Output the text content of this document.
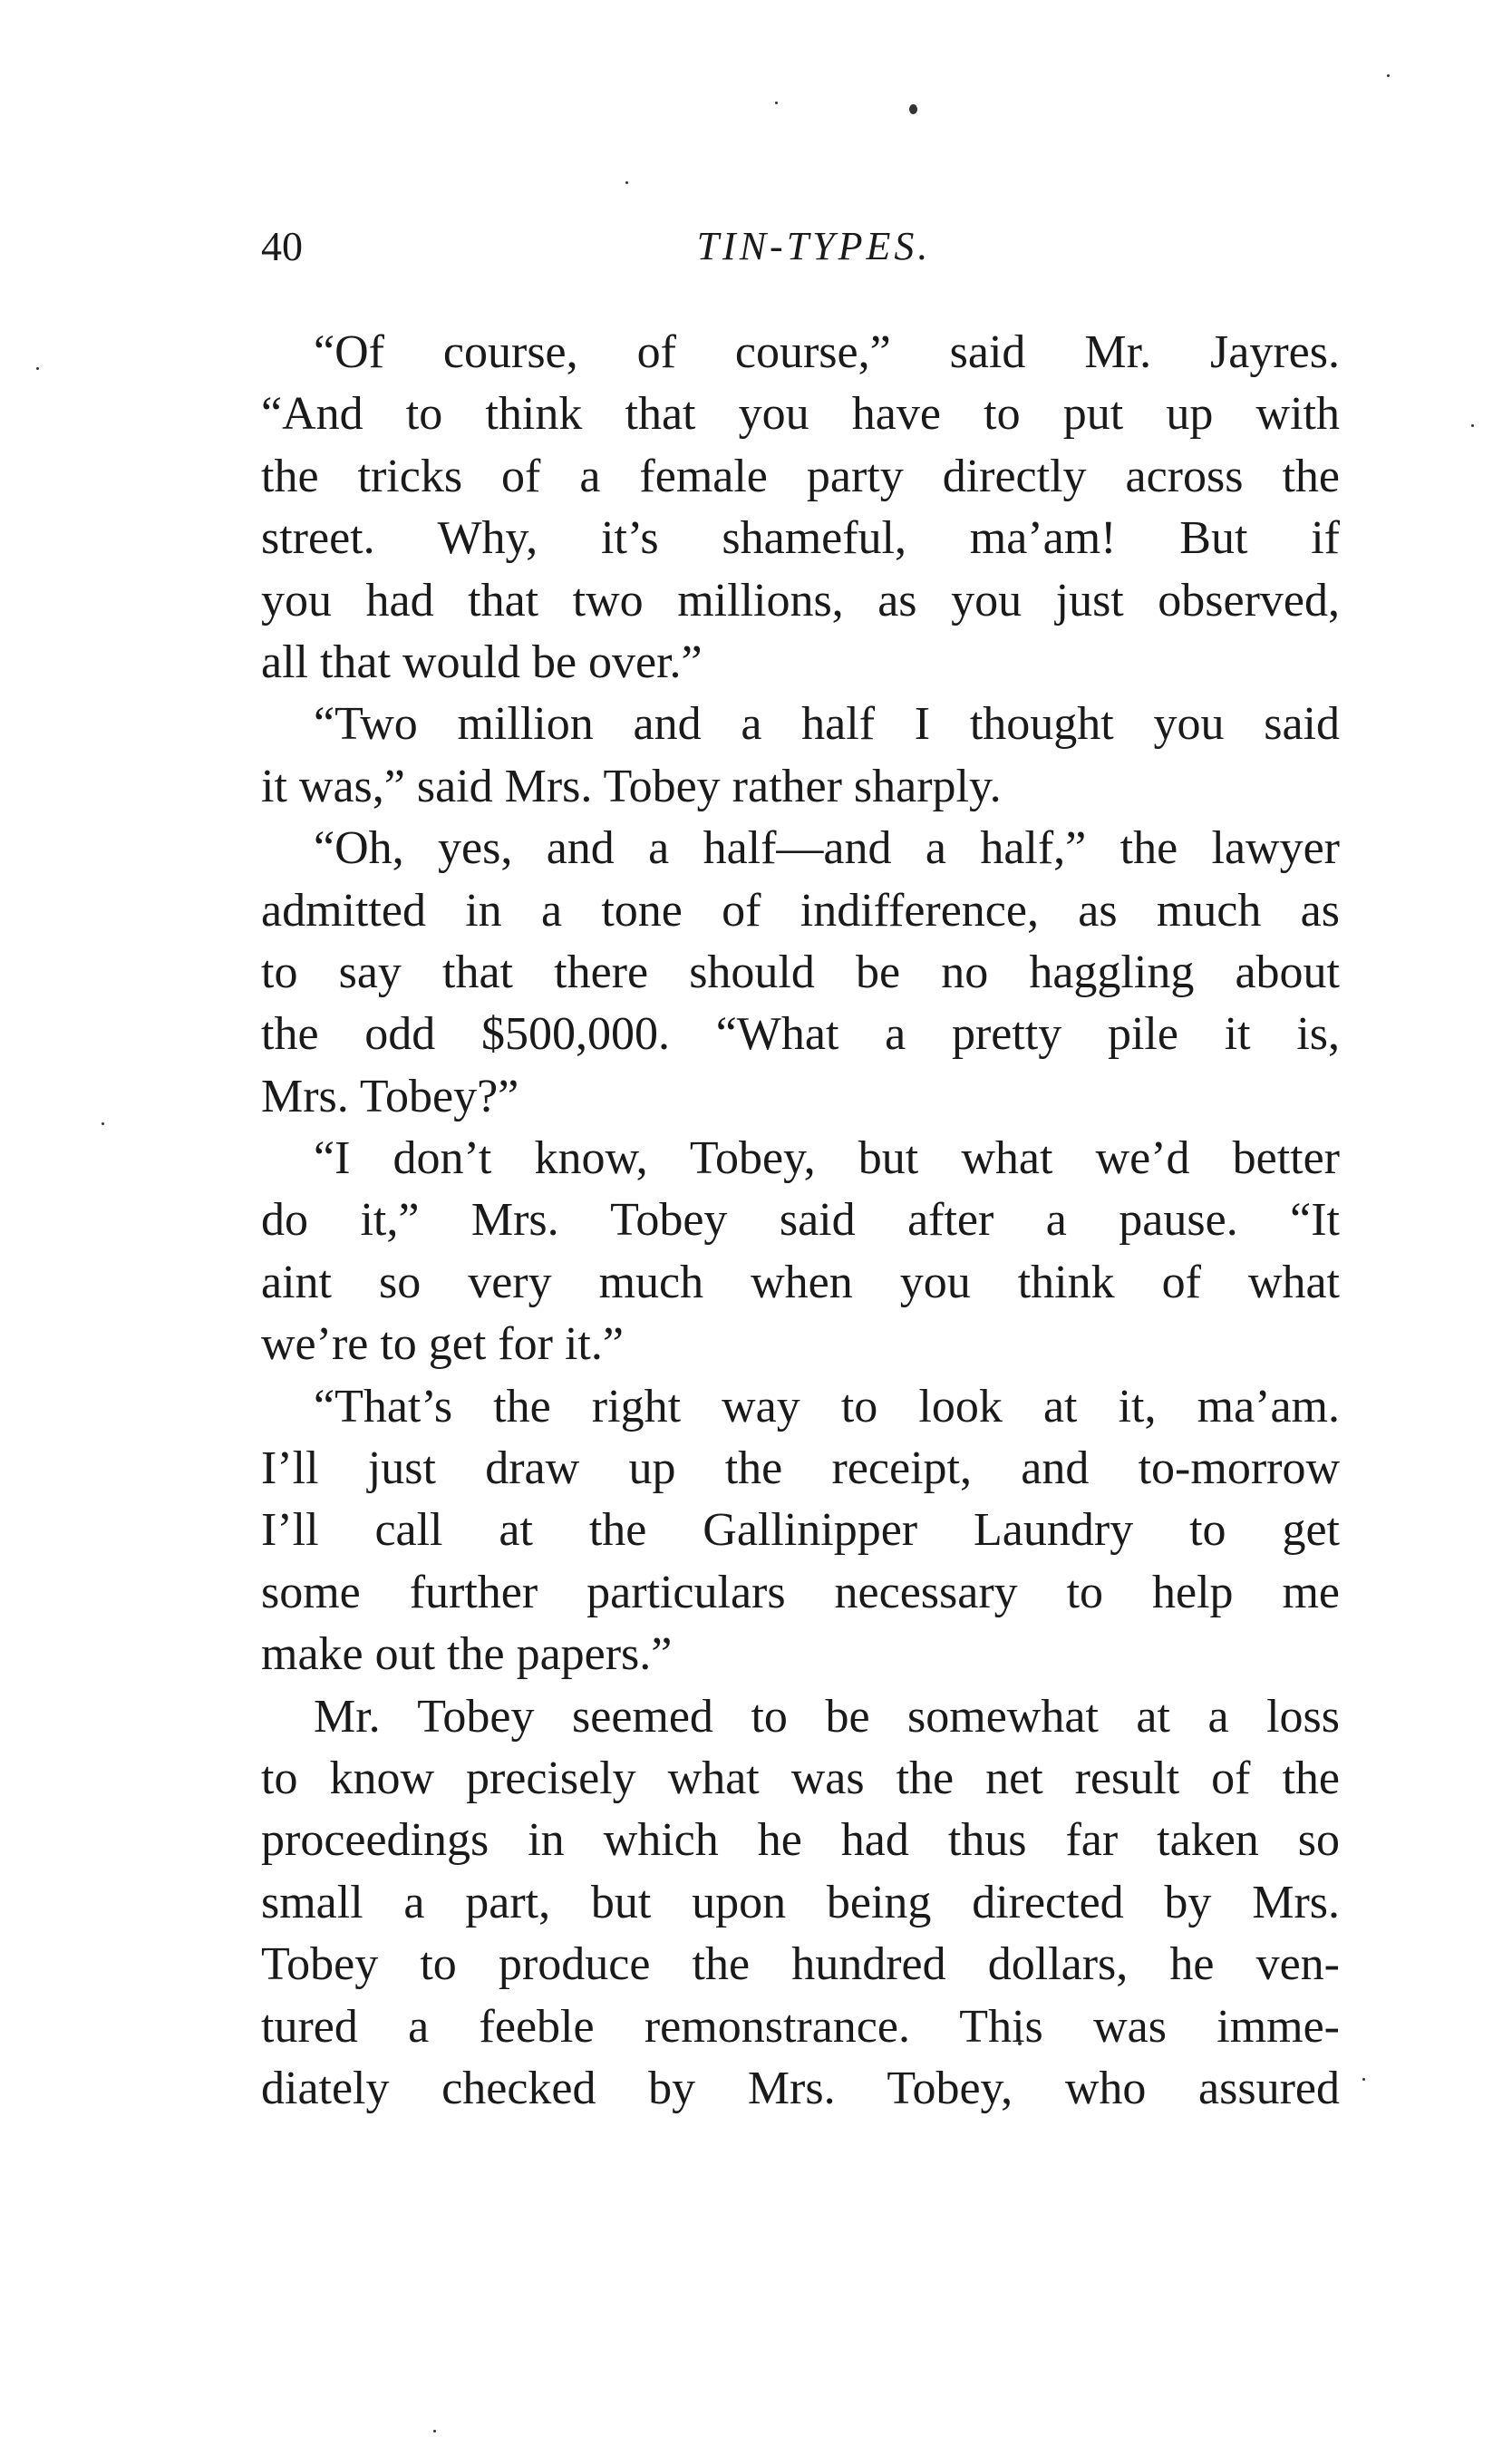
40	TIN-TYPES.
“Of course, of course,” said Mr. Jayres.
“And to think that you have to put up with
the tricks of a female party directly across the
street. Why, it’s shameful, ma’am! But if
you had that two millions, as you just observed,
all that would be over.”
“Two million and a half I thought you said
it was,” said Mrs. Tobey rather sharply.
“Oh, yes, and a half—and a half,” the lawyer
admitted in a tone of indifference, as much as
to say that there should be no haggling about
the odd $500,000. “What a pretty pile it is,
Mrs. Tobey?”
“I don’t know, Tobey, but what we’d better
do it,” Mrs. Tobey said after a pause. “It
aint so very much when you think of what
we’re to get for it.”
“That’s the right way to look at it, ma’am.
I’ll just draw up the receipt, and to-morrow
I’ll call at the Gallinipper Laundry to get
some further particulars necessary to help me
make out the papers.”
Mr. Tobey seemed to be somewhat at a loss
to know precisely what was the net result of the
proceedings in which he had thus far taken so
small a part, but upon being directed by Mrs.
Tobey to produce the hundred dollars, he ven-
tured a feeble remonstrance. This was imme-
diately checked by Mrs. Tobey, who assured
